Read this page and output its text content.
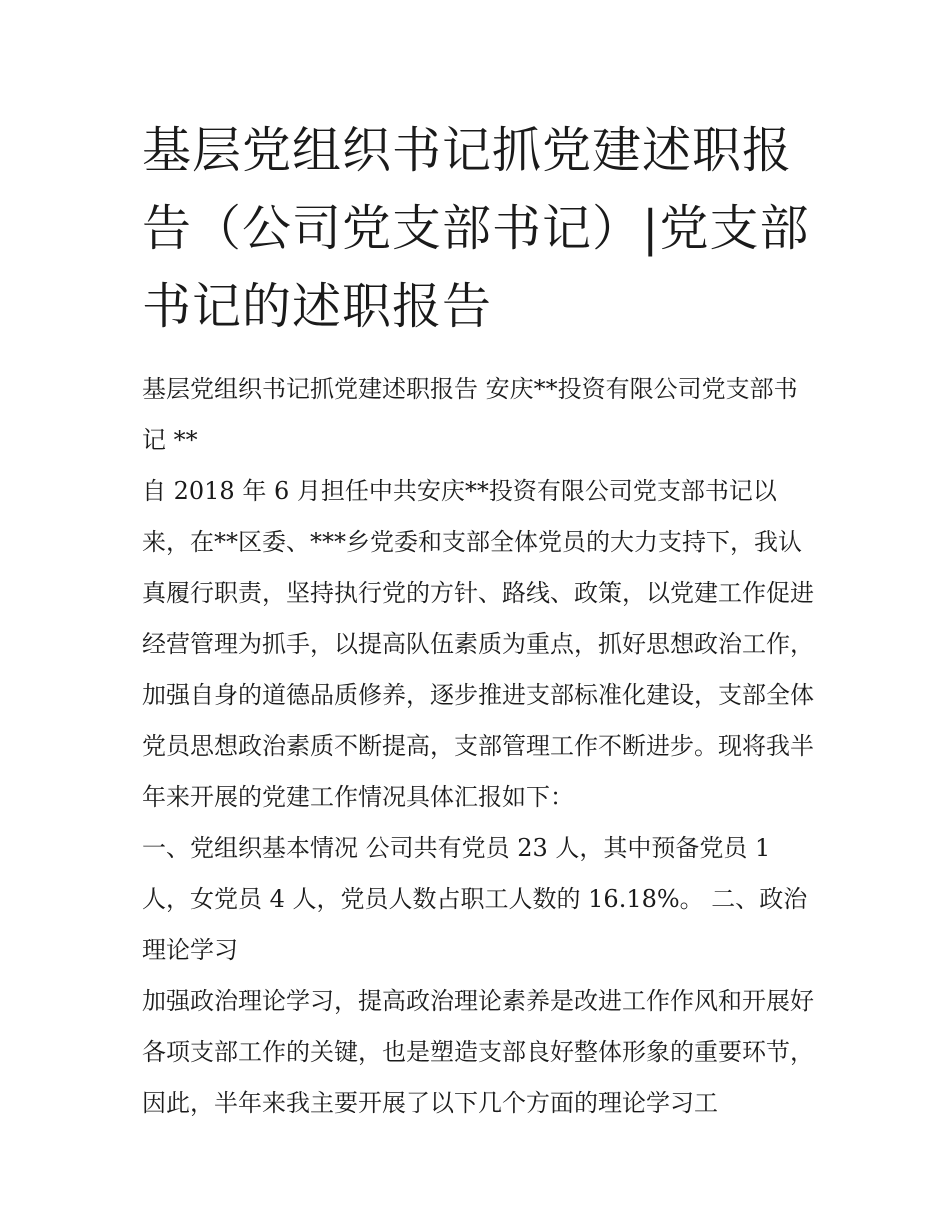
基层党组织书记抓党建述职报告（公司党支部书记）|党支部书记的述职报告

基层党组织书记抓党建述职报告 安庆**投资有限公司党支部书记 **

自 2018 年 6 月担任中共安庆**投资有限公司党支部书记以来，在**区委、***乡党委和支部全体党员的大力支持下，我认真履行职责，坚持执行党的方针、路线、政策，以党建工作促进经营管理为抓手，以提高队伍素质为重点，抓好思想政治工作，加强自身的道德品质修养，逐步推进支部标准化建设，支部全体党员思想政治素质不断提高，支部管理工作不断进步。现将我半年来开展的党建工作情况具体汇报如下：

一、党组织基本情况 公司共有党员 23 人，其中预备党员 1 人，女党员 4 人，党员人数占职工人数的 16.18%。 二、政治理论学习

加强政治理论学习，提高政治理论素养是改进工作作风和开展好各项支部工作的关键，也是塑造支部良好整体形象的重要环节，因此，半年来我主要开展了以下几个方面的理论学习工
